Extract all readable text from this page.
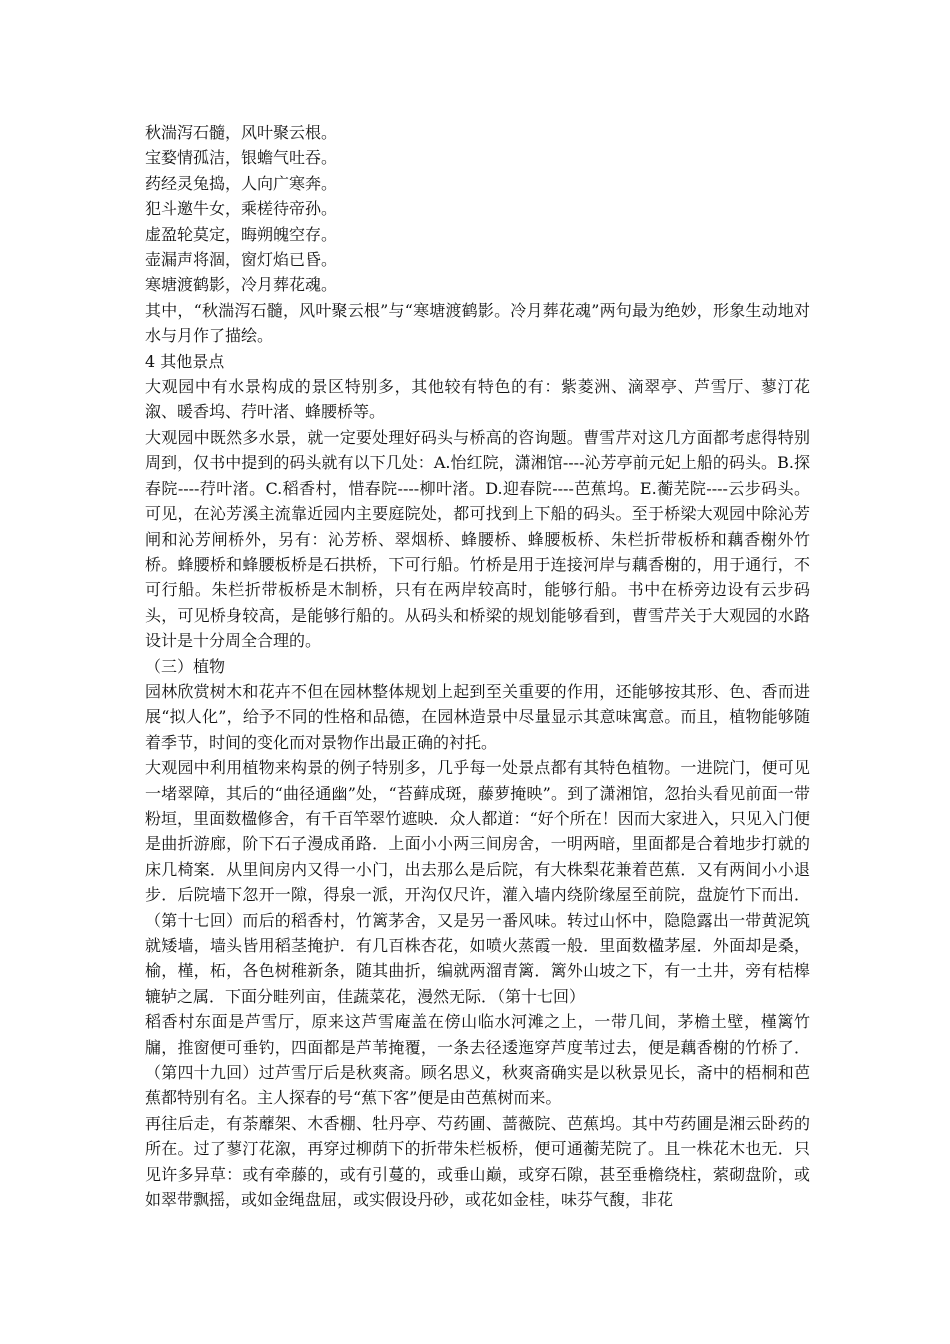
秋湍泻石髓，风叶聚云根。

宝婺情孤洁，银蟾气吐吞。

药经灵兔捣，人向广寒奔。

犯斗邀牛女，乘槎待帝孙。

虚盈轮莫定，晦朔魄空存。

壶漏声将涸，窗灯焰已昏。

寒塘渡鹤影，冷月葬花魂。

其中，“秋湍泻石髓，风叶聚云根”与“寒塘渡鹤影。冷月葬花魂”两句最为绝妙，形象生动地对水与月作了描绘。

4 其他景点

大观园中有水景构成的景区特别多，其他较有特色的有：紫菱洲、滴翠亭、芦雪厅、蓼汀花溆、暖香坞、荇叶渚、蜂腰桥等。

大观园中既然多水景，就一定要处理好码头与桥高的咨询题。曹雪芹对这几方面都考虑得特别周到，仅书中提到的码头就有以下几处：A.怡红院，潇湘馆----沁芳亭前元妃上船的码头。B.探春院----荇叶渚。C.稻香村，惜春院----柳叶渚。D.迎春院----芭蕉坞。E.蘅芜院----云步码头。可见，在沁芳溪主流靠近园内主要庭院处，都可找到上下船的码头。至于桥梁大观园中除沁芳闸和沁芳闸桥外，另有：沁芳桥、翠烟桥、蜂腰桥、蜂腰板桥、朱栏折带板桥和藕香榭外竹桥。蜂腰桥和蜂腰板桥是石拱桥，下可行船。竹桥是用于连接河岸与藕香榭的，用于通行，不可行船。朱栏折带板桥是木制桥，只有在两岸较高时，能够行船。书中在桥旁边设有云步码头，可见桥身较高，是能够行船的。从码头和桥梁的规划能够看到，曹雪芹关于大观园的水路设计是十分周全合理的。

（三）植物

园林欣赏树木和花卉不但在园林整体规划上起到至关重要的作用，还能够按其形、色、香而进展“拟人化”，给予不同的性格和品德，在园林造景中尽量显示其意味寓意。而且，植物能够随着季节，时间的变化而对景物作出最正确的衬托。

大观园中利用植物来构景的例子特别多，几乎每一处景点都有其特色植物。一进院门，便可见一堵翠障，其后的“曲径通幽”处，“苔藓成斑，藤萝掩映”。到了潇湘馆，忽抬头看见前面一带粉垣，里面数楹修舍，有千百竿翠竹遮映．众人都道：“好个所在！因而大家进入，只见入门便是曲折游廊，阶下石子漫成甬路．上面小小两三间房舍，一明两暗，里面都是合着地步打就的床几椅案．从里间房内又得一小门，出去那么是后院，有大株梨花兼着芭蕉．又有两间小小退步．后院墙下忽开一隙，得泉一派，开沟仅尺许，灌入墙内绕阶缘屋至前院，盘旋竹下而出．（第十七回）而后的稻香村，竹篱茅舍，又是另一番风味。转过山怀中，隐隐露出一带黄泥筑就矮墙，墙头皆用稻茎掩护．有几百株杏花，如喷火蒸霞一般．里面数楹茅屋．外面却是桑，榆，槿，柘，各色树稚新条，随其曲折，编就两溜青篱．篱外山坡之下，有一土井，旁有桔槔辘轳之属．下面分畦列亩，佳蔬菜花，漫然无际．（第十七回）

稻香村东面是芦雪厅，原来这芦雪庵盖在傍山临水河滩之上，一带几间，茅檐土壁，槿篱竹牖，推窗便可垂钓，四面都是芦苇掩覆，一条去径逶迤穿芦度苇过去，便是藕香榭的竹桥了．（第四十九回）过芦雪厅后是秋爽斋。顾名思义，秋爽斋确实是以秋景见长，斋中的梧桐和芭蕉都特别有名。主人探春的号“蕉下客”便是由芭蕉树而来。

再往后走，有荼蘼架、木香棚、牡丹亭、芍药圃、蔷薇院、芭蕉坞。其中芍药圃是湘云卧药的所在。过了蓼汀花溆，再穿过柳荫下的折带朱栏板桥，便可通蘅芜院了。且一株花木也无．只见许多异草：或有牵藤的，或有引蔓的，或垂山巅，或穿石隙，甚至垂檐绕柱，萦砌盘阶，或如翠带飘摇，或如金绳盘屈，或实假设丹砂，或花如金桂，味芬气馥，非花
